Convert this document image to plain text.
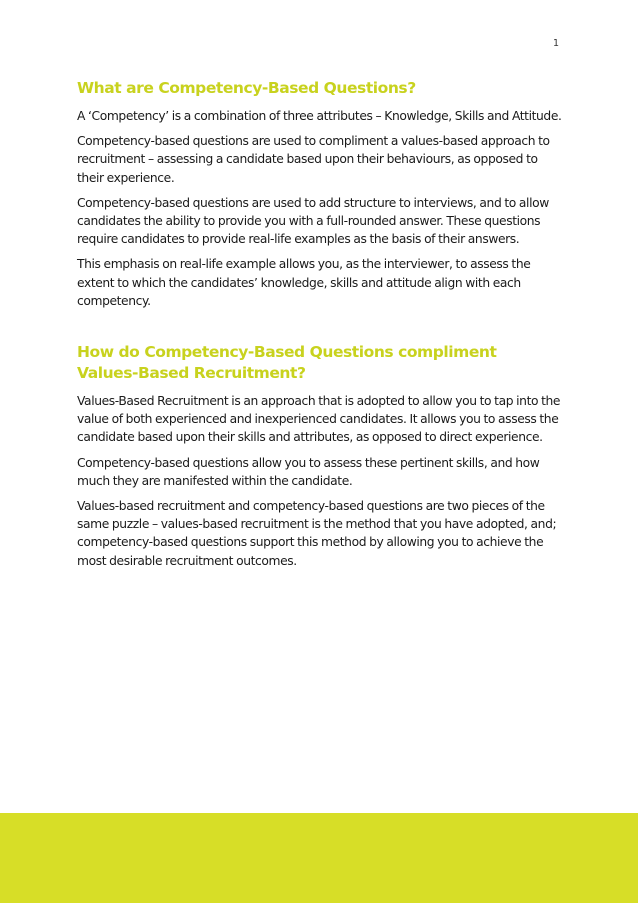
1
What are Competency-Based Questions?

A ‘Competency’ is a combination of three attributes – Knowledge, Skills and Attitude.

Competency-based questions are used to compliment a values-based approach to recruitment – assessing a candidate based upon their behaviours, as opposed to their experience.

Competency-based questions are used to add structure to interviews, and to allow candidates the ability to provide you with a full-rounded answer. These questions require candidates to provide real-life examples as the basis of their answers.

This emphasis on real-life example allows you, as the interviewer, to assess the extent to which the candidates’ knowledge, skills and attitude align with each competency.

How do Competency-Based Questions compliment
Values-Based Recruitment?

Values-Based Recruitment is an approach that is adopted to allow you to tap into the value of both experienced and inexperienced candidates. It allows you to assess the candidate based upon their skills and attributes, as opposed to direct experience.

Competency-based questions allow you to assess these pertinent skills, and how much they are manifested within the candidate.

Values-based recruitment and competency-based questions are two pieces of the same puzzle – values-based recruitment is the method that you have adopted, and; competency-based questions support this method by allowing you to achieve the most desirable recruitment outcomes.
